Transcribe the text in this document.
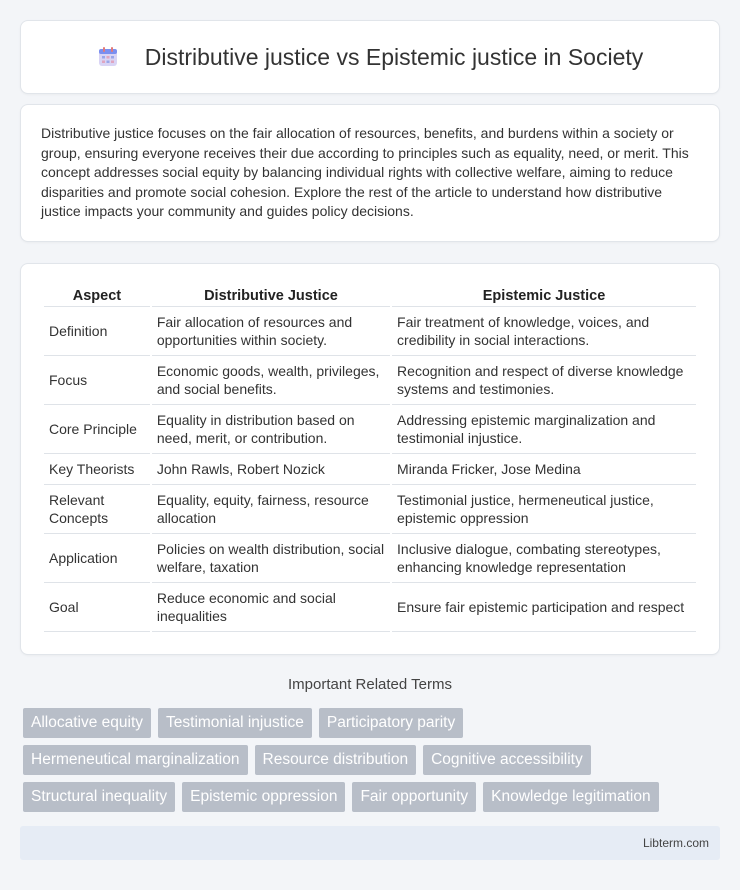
Distributive justice vs Epistemic justice in Society

Distributive justice focuses on the fair allocation of resources, benefits, and burdens within a society or group, ensuring everyone receives their due according to principles such as equality, need, or merit. This concept addresses social equity by balancing individual rights with collective welfare, aiming to reduce disparities and promote social cohesion. Explore the rest of the article to understand how distributive justice impacts your community and guides policy decisions.

Aspect	Distributive Justice	Epistemic Justice
Definition	Fair allocation of resources and opportunities within society.	Fair treatment of knowledge, voices, and credibility in social interactions.
Focus	Economic goods, wealth, privileges, and social benefits.	Recognition and respect of diverse knowledge systems and testimonies.
Core Principle	Equality in distribution based on need, merit, or contribution.	Addressing epistemic marginalization and testimonial injustice.
Key Theorists	John Rawls, Robert Nozick	Miranda Fricker, Jose Medina
Relevant Concepts	Equality, equity, fairness, resource allocation	Testimonial justice, hermeneutical justice, epistemic oppression
Application	Policies on wealth distribution, social welfare, taxation	Inclusive dialogue, combating stereotypes, enhancing knowledge representation
Goal	Reduce economic and social inequalities	Ensure fair epistemic participation and respect
Important Related Terms
Allocative equity	Testimonial injustice	Participatory parity
Hermeneutical marginalization	Resource distribution	Cognitive accessibility
Structural inequality	Epistemic oppression	Fair opportunity	Knowledge legitimation
Libterm.com
